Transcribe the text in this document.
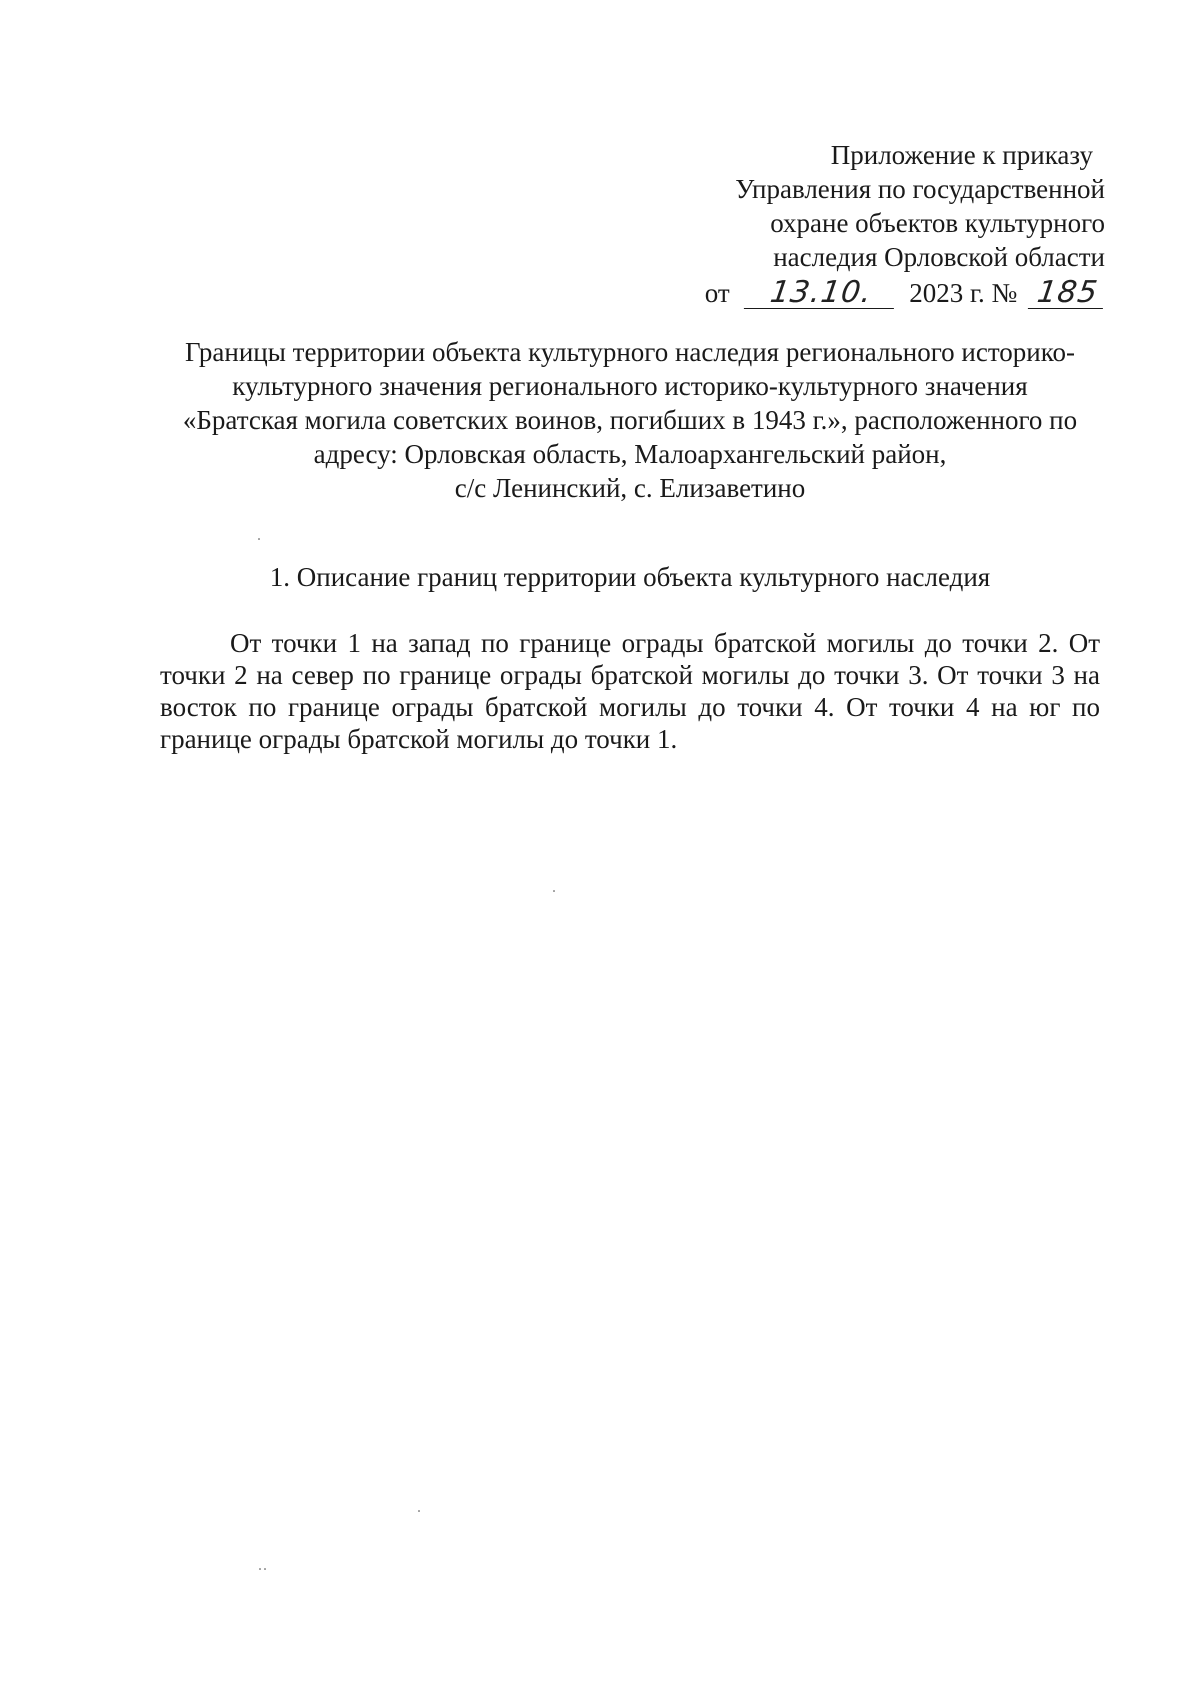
Приложение к приказу
Управления по государственной
охране объектов культурного
наследия Орловской области
от 13.10. 2023 г. № 185
Границы территории объекта культурного наследия регионального историко-
культурного значения регионального историко-культурного значения
«Братская могила советских воинов, погибших в 1943 г.», расположенного по
адресу: Орловская область, Малоархангельский район,
с/с Ленинский, с. Елизаветино
1. Описание границ территории объекта культурного наследия

От точки 1 на запад по границе ограды братской могилы до точки 2. От точки 2 на север по границе ограды братской могилы до точки 3. От точки 3 на восток по границе ограды братской могилы до точки 4. От точки 4 на юг по границе ограды братской могилы до точки 1.
